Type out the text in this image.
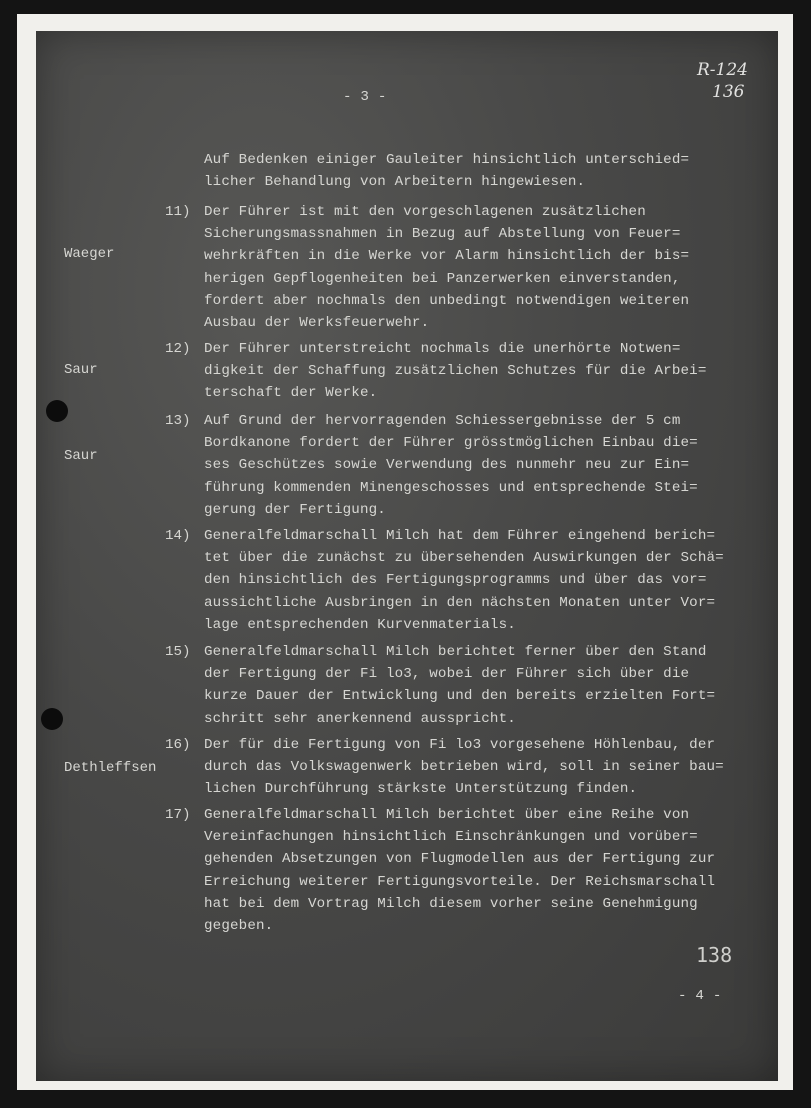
R-124
136
- 3 -
Auf Bedenken einiger Gauleiter hinsichtlich unterschied=
licher Behandlung von Arbeitern hingewiesen.
11)
Waeger
Der Führer ist mit den vorgeschlagenen zusätzlichen
Sicherungsmassnahmen in Bezug auf Abstellung von Feuer=
wehrkräften in die Werke vor Alarm hinsichtlich der bis=
herigen Gepflogenheiten bei Panzerwerken einverstanden,
fordert aber nochmals den unbedingt notwendigen weiteren
Ausbau der Werksfeuerwehr.
12)
Saur
Der Führer unterstreicht nochmals die unerhörte Notwen=
digkeit der Schaffung zusätzlichen Schutzes für die Arbei=
terschaft der Werke.
13)
Saur
Auf Grund der hervorragenden Schiessergebnisse der 5 cm
Bordkanone fordert der Führer grösstmöglichen Einbau die=
ses Geschützes sowie Verwendung des nunmehr neu zur Ein=
führung kommenden Minengeschosses und entsprechende Stei=
gerung der Fertigung.
14) Generalfeldmarschall Milch hat dem Führer eingehend berich=
tet über die zunächst zu übersehenden Auswirkungen der Schä=
den hinsichtlich des Fertigungsprogramms und über das vor=
aussichtliche Ausbringen in den nächsten Monaten unter Vor=
lage entsprechenden Kurvenmaterials.
15) Generalfeldmarschall Milch berichtet ferner über den Stand
der Fertigung der Fi lo3, wobei der Führer sich über die
kurze Dauer der Entwicklung und den bereits erzielten Fort=
schritt sehr anerkennend ausspricht.
16)
Dethleffsen
Der für die Fertigung von Fi lo3 vorgesehene Höhlenbau, der
durch das Volkswagenwerk betrieben wird, soll in seiner bau=
lichen Durchführung stärkste Unterstützung finden.
17) Generalfeldmarschall Milch berichtet über eine Reihe von
Vereinfachungen hinsichtlich Einschränkungen und vorüber=
gehenden Absetzungen von Flugmodellen aus der Fertigung zur
Erreichung weiterer Fertigungsvorteile. Der Reichsmarschall
hat bei dem Vortrag Milch diesem vorher seine Genehmigung
gegeben.
138
- 4 -
